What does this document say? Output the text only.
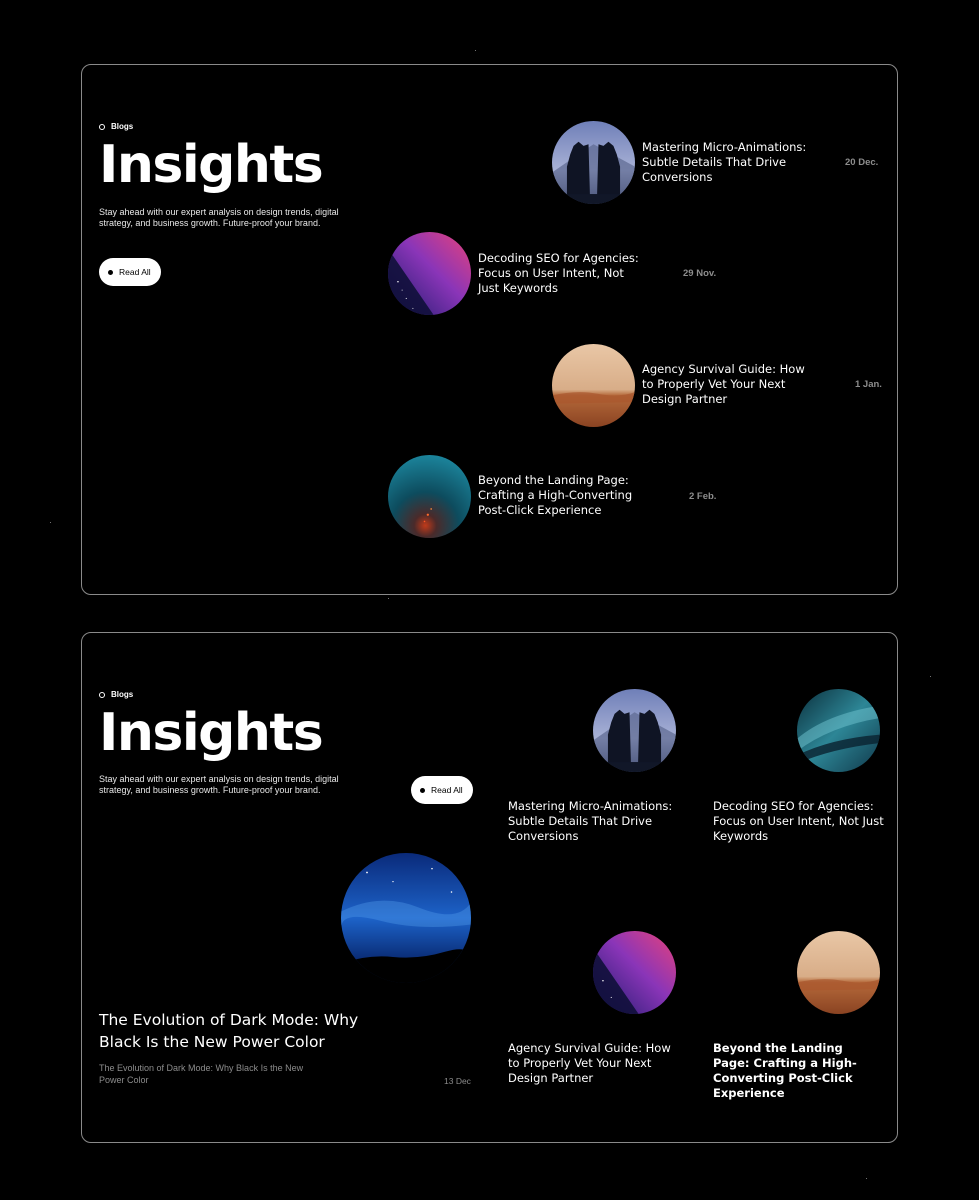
Blogs
Insights

Stay ahead with our expert analysis on design trends, digital strategy, and business growth. Future-proof your brand.

Read All
Mastering Micro-Animations: Subtle Details That Drive Conversions
20 Dec.
Decoding SEO for Agencies: Focus on User Intent, Not Just Keywords
29 Nov.
Agency Survival Guide: How to Properly Vet Your Next Design Partner
1 Jan.
Beyond the Landing Page: Crafting a High-Converting Post-Click Experience
2 Feb.
Blogs
Insights

Stay ahead with our expert analysis on design trends, digital strategy, and business growth. Future-proof your brand.	Read All
The Evolution of Dark Mode: Why Black Is the New Power Color
The Evolution of Dark Mode: Why Black Is the New Power Color	13 Dec
Mastering Micro-Animations: Subtle Details That Drive Conversions
Decoding SEO for Agencies: Focus on User Intent, Not Just Keywords
Agency Survival Guide: How to Properly Vet Your Next Design Partner
Beyond the Landing Page: Crafting a High-Converting Post-Click Experience
